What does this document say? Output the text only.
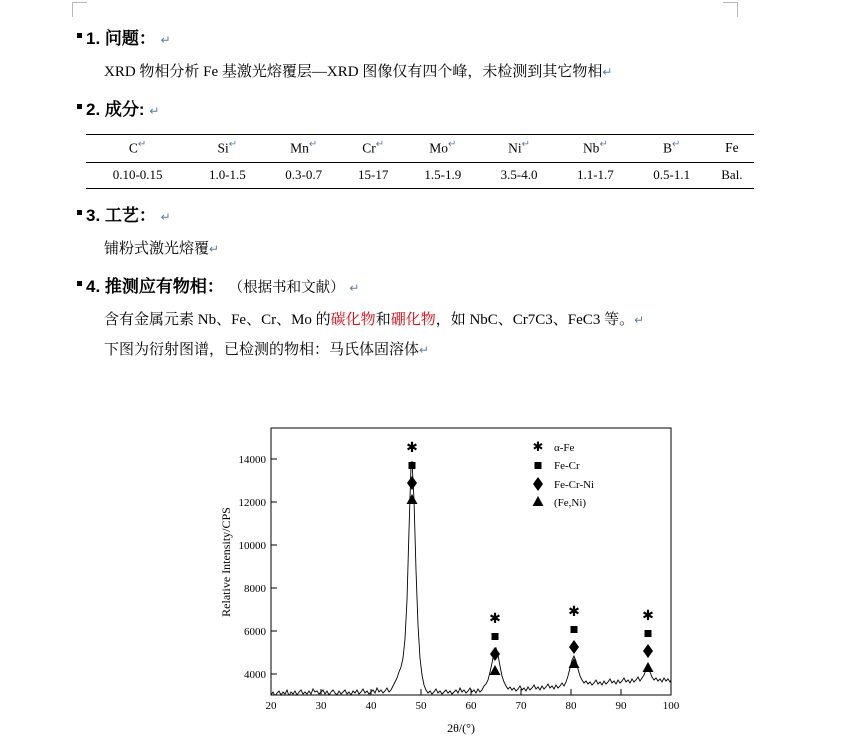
1. 问题： ↵
XRD 物相分析 Fe 基激光熔覆层—XRD 图像仅有四个峰，未检测到其它物相↵
2. 成分: ↵
C↵	Si↵	Mn↵	Cr↵	Mo↵	Ni↵	Nb↵	B↵	Fe
0.10-0.15	1.0-1.5	0.3-0.7	15-17	1.5-1.9	3.5-4.0	1.1-1.7	0.5-1.1	Bal.
3. 工艺： ↵
铺粉式激光熔覆↵
4. 推测应有物相： （根据书和文献） ↵
含有金属元素 Nb、Fe、Cr、Mo 的碳化物和硼化物，如 NbC、Cr7C3、FeC3 等。↵
下图为衍射图谱，已检测的物相：马氏体固溶体↵
4000
6000
8000
10000
12000
14000
20	30	40	50	60	70	80	90	100
2θ/(°)
Relative Intensity/CPS
✱
✱	✱	✱
✱ α-Fe
Fe-Cr
Fe-Cr-Ni
(Fe,Ni)
